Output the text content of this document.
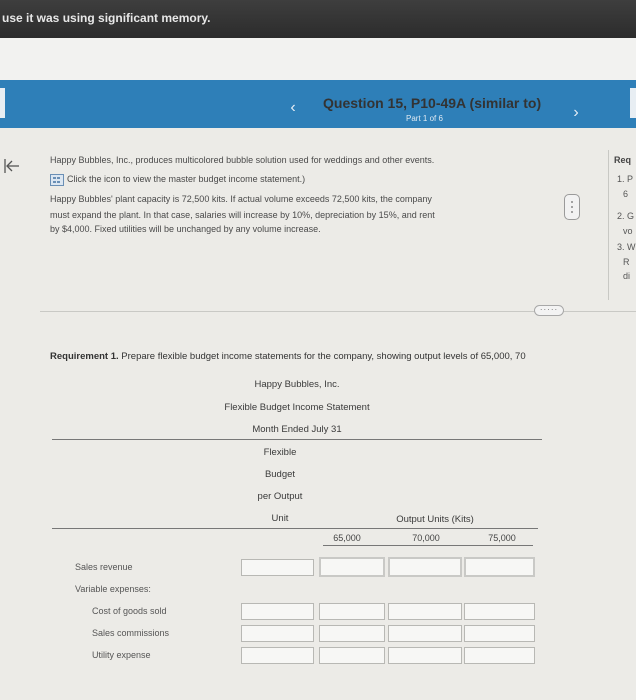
use it was using significant memory.
‹	Question 15, P10-49A (similar to)
Part 1 of 6	›
Happy Bubbles, Inc., produces multicolored bubble solution used for weddings and other events.
Click the icon to view the master budget income statement.)
Happy Bubbles' plant capacity is 72,500 kits. If actual volume exceeds 72,500 kits, the company
must expand the plant. In that case, salaries will increase by 10%, depreciation by 15%, and rent
by $4,000. Fixed utilities will be unchanged by any volume increase.
Req
1. P
6
2. G
vo
3. W
R
di
·····
Requirement 1. Prepare flexible budget income statements for the company, showing output levels of 65,000, 70
Happy Bubbles, Inc.
Flexible Budget Income Statement
Month Ended July 31
Flexible
Budget
per Output
Unit	Output Units (Kits)
65,000	70,000	75,000
Sales revenue
Variable expenses:
Cost of goods sold
Sales commissions
Utility expense
